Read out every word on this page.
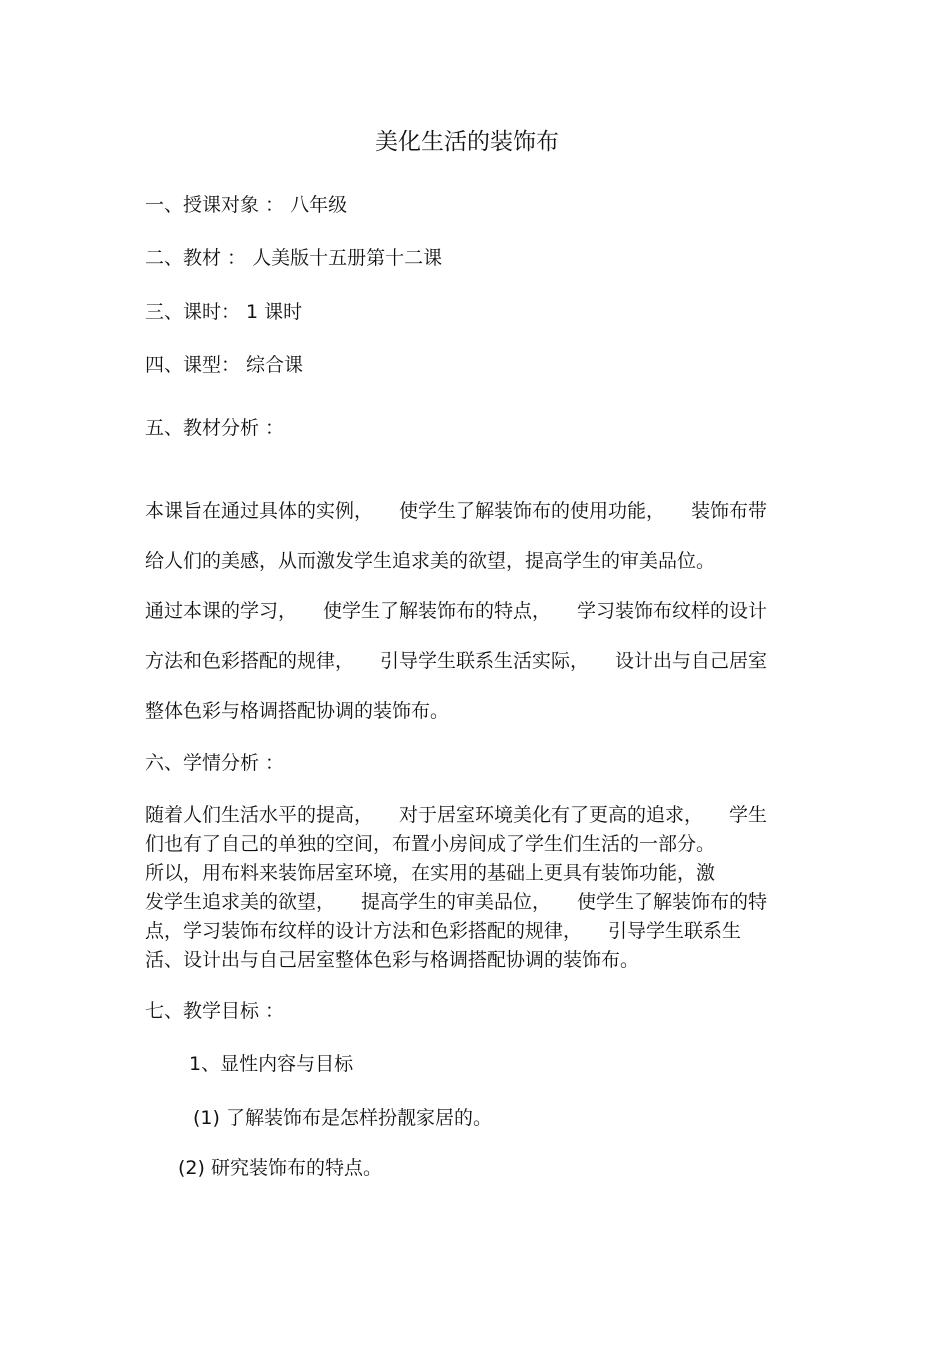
美化生活的装饰布
一、授课对象 ： 八年级
二、教材 ： 人美版十五册第十二课
三、课时： 1 课时
四、课型： 综合课
五、教材分析 ：
本课旨在通过具体的实例， 使学生了解装饰布的使用功能， 装饰布带
给人们的美感，从而激发学生追求美的欲望，提高学生的审美品位。
通过本课的学习， 使学生了解装饰布的特点， 学习装饰布纹样的设计
方法和色彩搭配的规律， 引导学生联系生活实际， 设计出与自己居室
整体色彩与格调搭配协调的装饰布。
六、学情分析 ：
随着人们生活水平的提高， 对于居室环境美化有了更高的追求， 学生
们也有了自己的单独的空间，布置小房间成了学生们生活的一部分。
所以，用布料来装饰居室环境，在实用的基础上更具有装饰功能，激
发学生追求美的欲望， 提高学生的审美品位， 使学生了解装饰布的特
点，学习装饰布纹样的设计方法和色彩搭配的规律， 引导学生联系生
活、设计出与自己居室整体色彩与格调搭配协调的装饰布。
七、教学目标 ：
1、显性内容与目标
(1) 了解装饰布是怎样扮靓家居的。
(2) 研究装饰布的特点。
